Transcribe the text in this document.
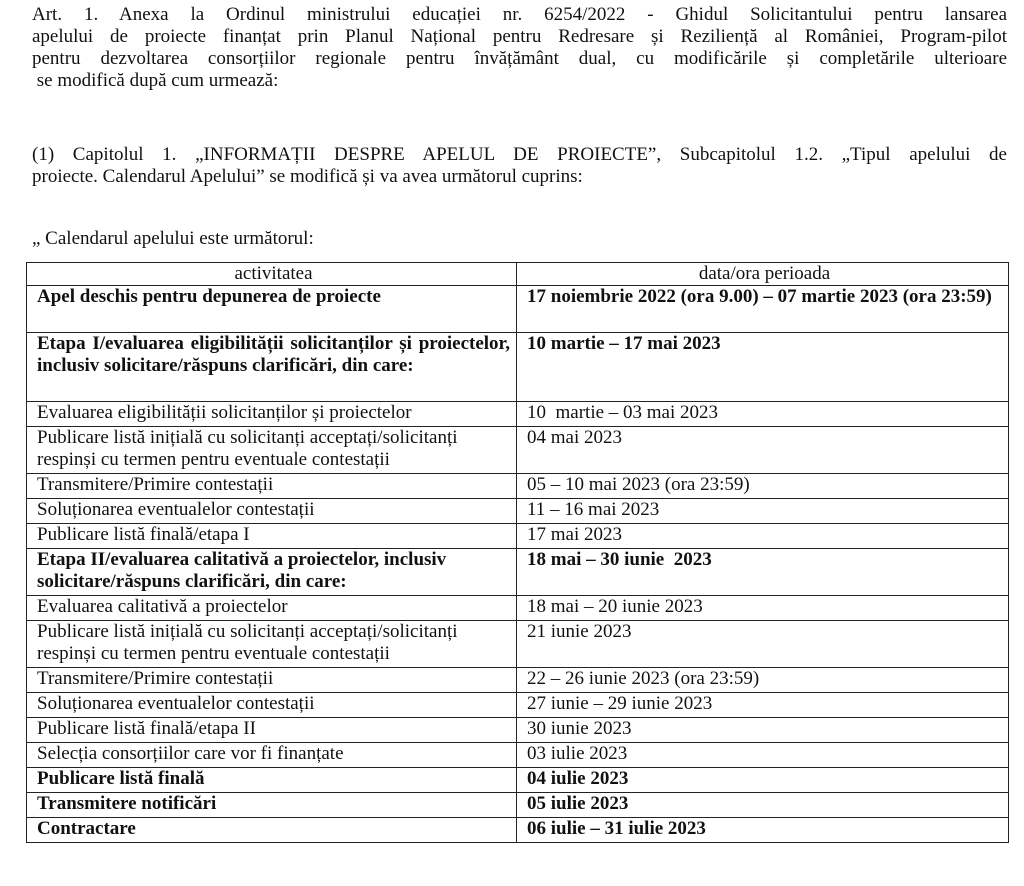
Art. 1. Anexa la Ordinul ministrului educației nr. 6254/2022 - Ghidul Solicitantului pentru lansarea
apelului de proiecte finanțat prin Planul Național pentru Redresare și Reziliență al României, Program-pilot
pentru dezvoltarea consorțiilor regionale pentru învățământ dual, cu modificările și completările ulterioare
se modifică după cum urmează:

(1) Capitolul 1. „INFORMAȚII DESPRE APELUL DE PROIECTE”, Subcapitolul 1.2. „Tipul apelului de
proiecte. Calendarul Apelului” se modifică și va avea următorul cuprins:

„ Calendarul apelului este următorul:

activitatea	data/ora perioada
Apel deschis pentru depunerea de proiecte	17 noiembrie 2022 (ora 9.00) – 07 martie 2023 (ora 23:59)
Etapa I/evaluarea eligibilității solicitanților și proiectelor, inclusiv solicitare/răspuns clarificări, din care:	10 martie – 17 mai 2023
Evaluarea eligibilității solicitanților și proiectelor	10  martie – 03 mai 2023
Publicare listă inițială cu solicitanți acceptați/solicitanți respinși cu termen pentru eventuale contestații	04 mai 2023
Transmitere/Primire contestații	05 – 10 mai 2023 (ora 23:59)
Soluționarea eventualelor contestații	11 – 16 mai 2023
Publicare listă finală/etapa I	17 mai 2023
Etapa II/evaluarea calitativă a proiectelor, inclusiv solicitare/răspuns clarificări, din care:	18 mai – 30 iunie  2023
Evaluarea calitativă a proiectelor	18 mai – 20 iunie 2023
Publicare listă inițială cu solicitanți acceptați/solicitanți respinși cu termen pentru eventuale contestații	21 iunie 2023
Transmitere/Primire contestații	22 – 26 iunie 2023 (ora 23:59)
Soluționarea eventualelor contestații	27 iunie – 29 iunie 2023
Publicare listă finală/etapa II	30 iunie 2023
Selecția consorțiilor care vor fi finanțate	03 iulie 2023
Publicare listă finală	04 iulie 2023
Transmitere notificări	05 iulie 2023
Contractare	06 iulie – 31 iulie 2023
